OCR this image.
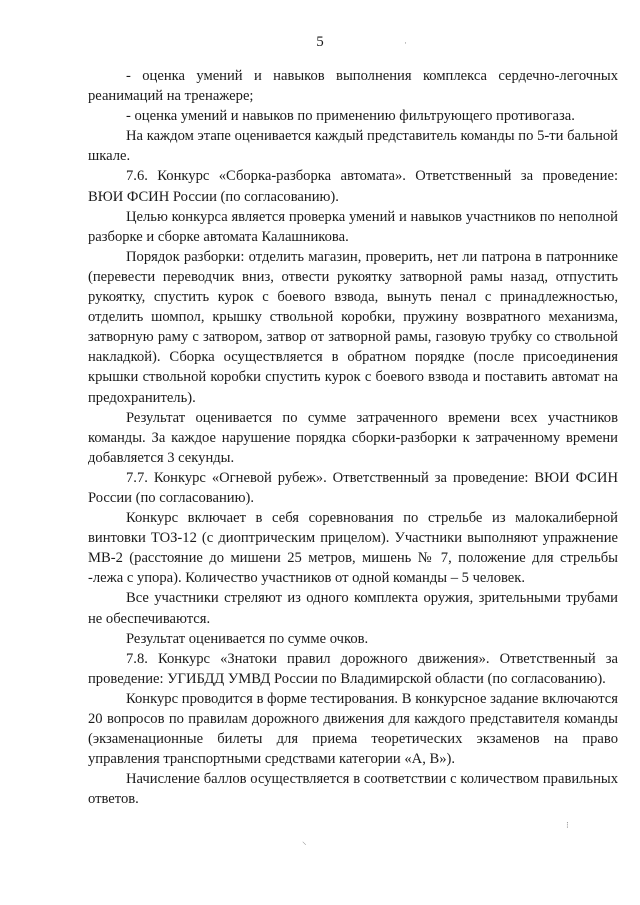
5

- оценка умений и навыков выполнения комплекса сердечно-легочных реанимаций на тренажере;

- оценка умений и навыков по применению фильтрующего противогаза.

На каждом этапе оценивается каждый представитель команды по 5-ти бальной шкале.

7.6. Конкурс «Сборка-разборка автомата». Ответственный за проведение: ВЮИ ФСИН России (по согласованию).

Целью конкурса является проверка умений и навыков участников по неполной разборке и сборке автомата Калашникова.

Порядок разборки: отделить магазин, проверить, нет ли патрона в патроннике (перевести переводчик вниз, отвести рукоятку затворной рамы назад, отпустить рукоятку, спустить курок с боевого взвода, вынуть пенал с принадлежностью, отделить шомпол, крышку ствольной коробки, пружину возвратного механизма, затворную раму с затвором, затвор от затворной рамы, газовую трубку со ствольной накладкой). Сборка осуществляется в обратном порядке (после присоединения крышки ствольной коробки спустить курок с боевого взвода и поставить автомат на предохранитель).

Результат оценивается по сумме затраченного времени всех участников команды. За каждое нарушение порядка сборки-разборки к затраченному времени добавляется 3 секунды.

7.7. Конкурс «Огневой рубеж». Ответственный за проведение: ВЮИ ФСИН России (по согласованию).

Конкурс включает в себя соревнования по стрельбе из малокалиберной винтовки ТОЗ-12 (с диоптрическим прицелом). Участники выполняют упражнение МВ-2 (расстояние до мишени 25 метров, мишень № 7, положение для стрельбы -лежа с упора). Количество участников от одной команды – 5 человек.

Все участники стреляют из одного комплекта оружия, зрительными трубами не обеспечиваются.

Результат оценивается по сумме очков.

7.8. Конкурс «Знатоки правил дорожного движения». Ответственный за проведение: УГИБДД УМВД России по Владимирской области (по согласованию).

Конкурс проводится в форме тестирования. В конкурсное задание включаются 20 вопросов по правилам дорожного движения для каждого представителя команды (экзаменационные билеты для приема теоретических экзаменов на право управления транспортными средствами категории «А, В»).

Начисление баллов осуществляется в соответствии с количеством правильных ответов.

·
⁝
⸌
